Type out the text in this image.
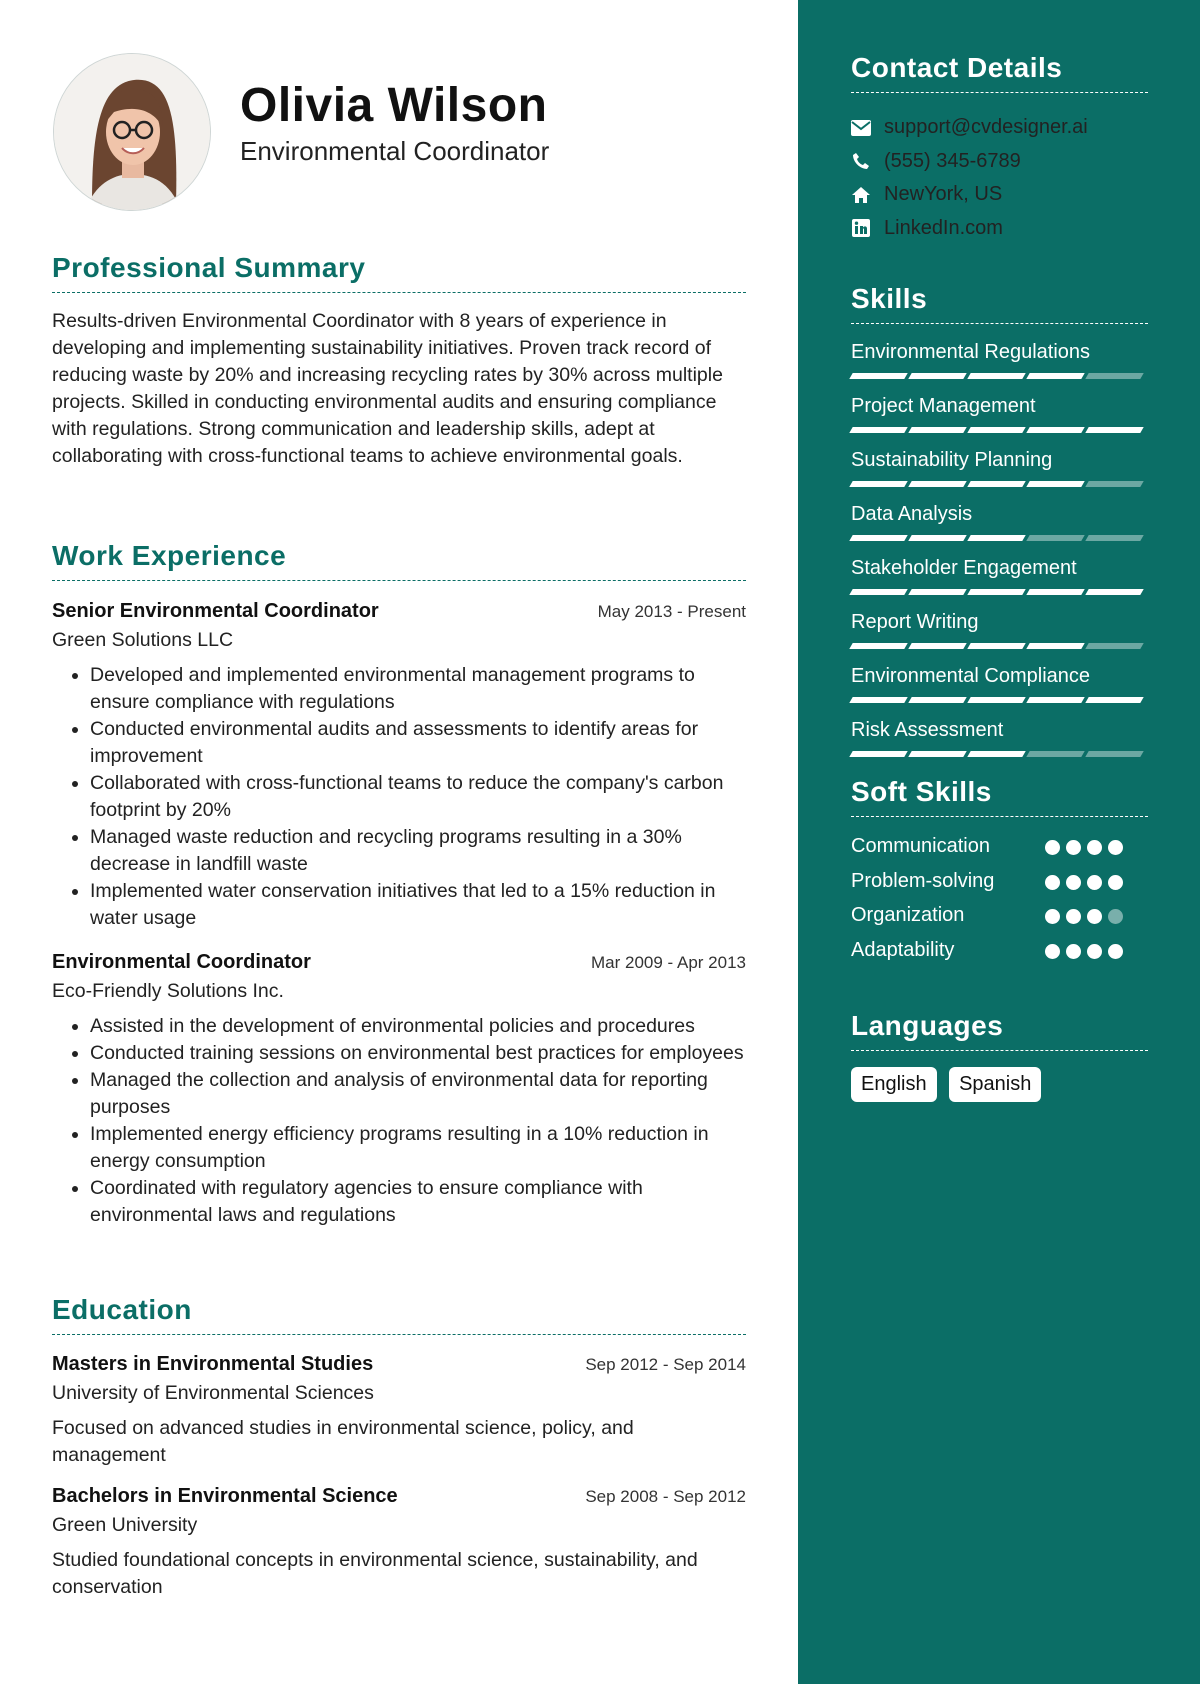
Olivia Wilson
Environmental Coordinator
Professional Summary
Results-driven Environmental Coordinator with 8 years of experience in developing and implementing sustainability initiatives. Proven track record of reducing waste by 20% and increasing recycling rates by 30% across multiple projects. Skilled in conducting environmental audits and ensuring compliance with regulations. Strong communication and leadership skills, adept at collaborating with cross-functional teams to achieve environmental goals.
Work Experience
Senior Environmental Coordinator	May 2013 - Present
Green Solutions LLC
• Developed and implemented environmental management programs to ensure compliance with regulations
• Conducted environmental audits and assessments to identify areas for improvement
• Collaborated with cross-functional teams to reduce the company's carbon footprint by 20%
• Managed waste reduction and recycling programs resulting in a 30% decrease in landfill waste
• Implemented water conservation initiatives that led to a 15% reduction in water usage
Environmental Coordinator	Mar 2009 - Apr 2013
Eco-Friendly Solutions Inc.
• Assisted in the development of environmental policies and procedures
• Conducted training sessions on environmental best practices for employees
• Managed the collection and analysis of environmental data for reporting purposes
• Implemented energy efficiency programs resulting in a 10% reduction in energy consumption
• Coordinated with regulatory agencies to ensure compliance with environmental laws and regulations
Education
Masters in Environmental Studies	Sep 2012 - Sep 2014
University of Environmental Sciences
Focused on advanced studies in environmental science, policy, and management
Bachelors in Environmental Science	Sep 2008 - Sep 2012
Green University
Studied foundational concepts in environmental science, sustainability, and conservation
Contact Details
support@cvdesigner.ai
(555) 345-6789
NewYork, US
LinkedIn.com
Skills
Environmental Regulations
Project Management
Sustainability Planning
Data Analysis
Stakeholder Engagement
Report Writing
Environmental Compliance
Risk Assessment
Soft Skills
Communication
Problem-solving
Organization
Adaptability
Languages
English Spanish
